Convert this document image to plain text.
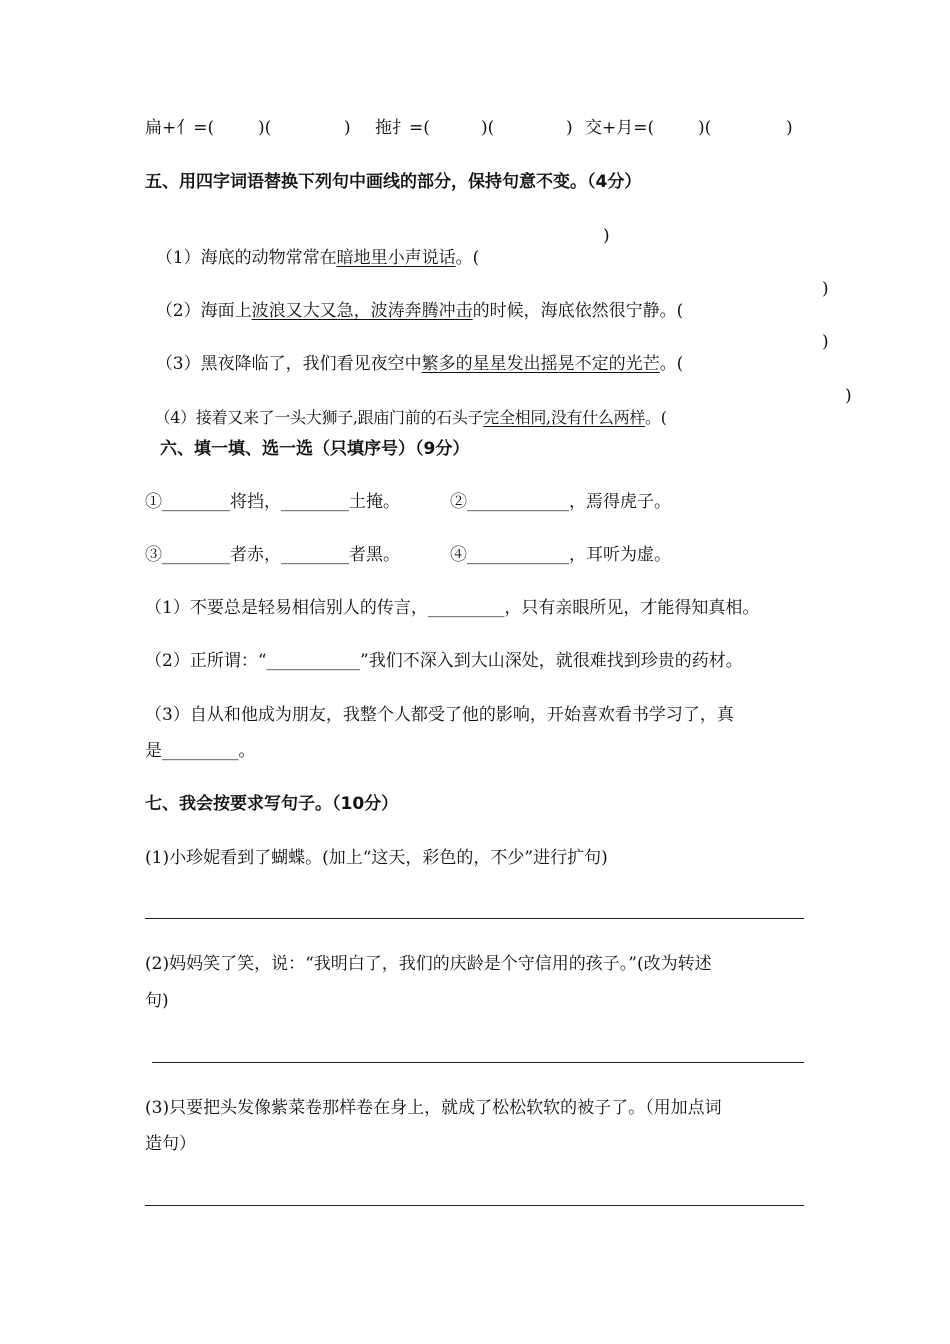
扁+亻=(	)(	) 拖扌=(	)(	) 交+月=(	)(	)
五、用四字词语替换下列句中画线的部分，保持句意不变。（4分）

（1）海底的动物常常在暗地里小声说话。(

)

（2）海面上波浪又大又急，波涛奔腾冲击的时候，海底依然很宁静。(

)

（3）黑夜降临了，我们看见夜空中繁多的星星发出摇晃不定的光芒。(

)

（4）接着又来了一头大狮子,跟庙门前的石头子完全相同,没有什么两样。(

)
六、填一填、选一选（只填序号）（9分）
①________将挡，________土掩。	②____________，焉得虎子。
③________者赤，________者黑。	④____________，耳听为虚。
（1）不要总是轻易相信别人的传言，_________，只有亲眼所见，才能得知真相。
（2）正所谓：“___________”我们不深入到大山深处，就很难找到珍贵的药材。
（3）自从和他成为朋友，我整个人都受了他的影响，开始喜欢看书学习了，真
是_________。
七、我会按要求写句子。（10分）
(1)小珍妮看到了蝴蝶。(加上“这天，彩色的，不少”进行扩句)
(2)妈妈笑了笑，说：“我明白了，我们的庆龄是个守信用的孩子。”(改为转述
句)
(3)只要把头发像紫菜卷那样卷在身上，就成了松松软软的被子了。（用加点词
造句）
